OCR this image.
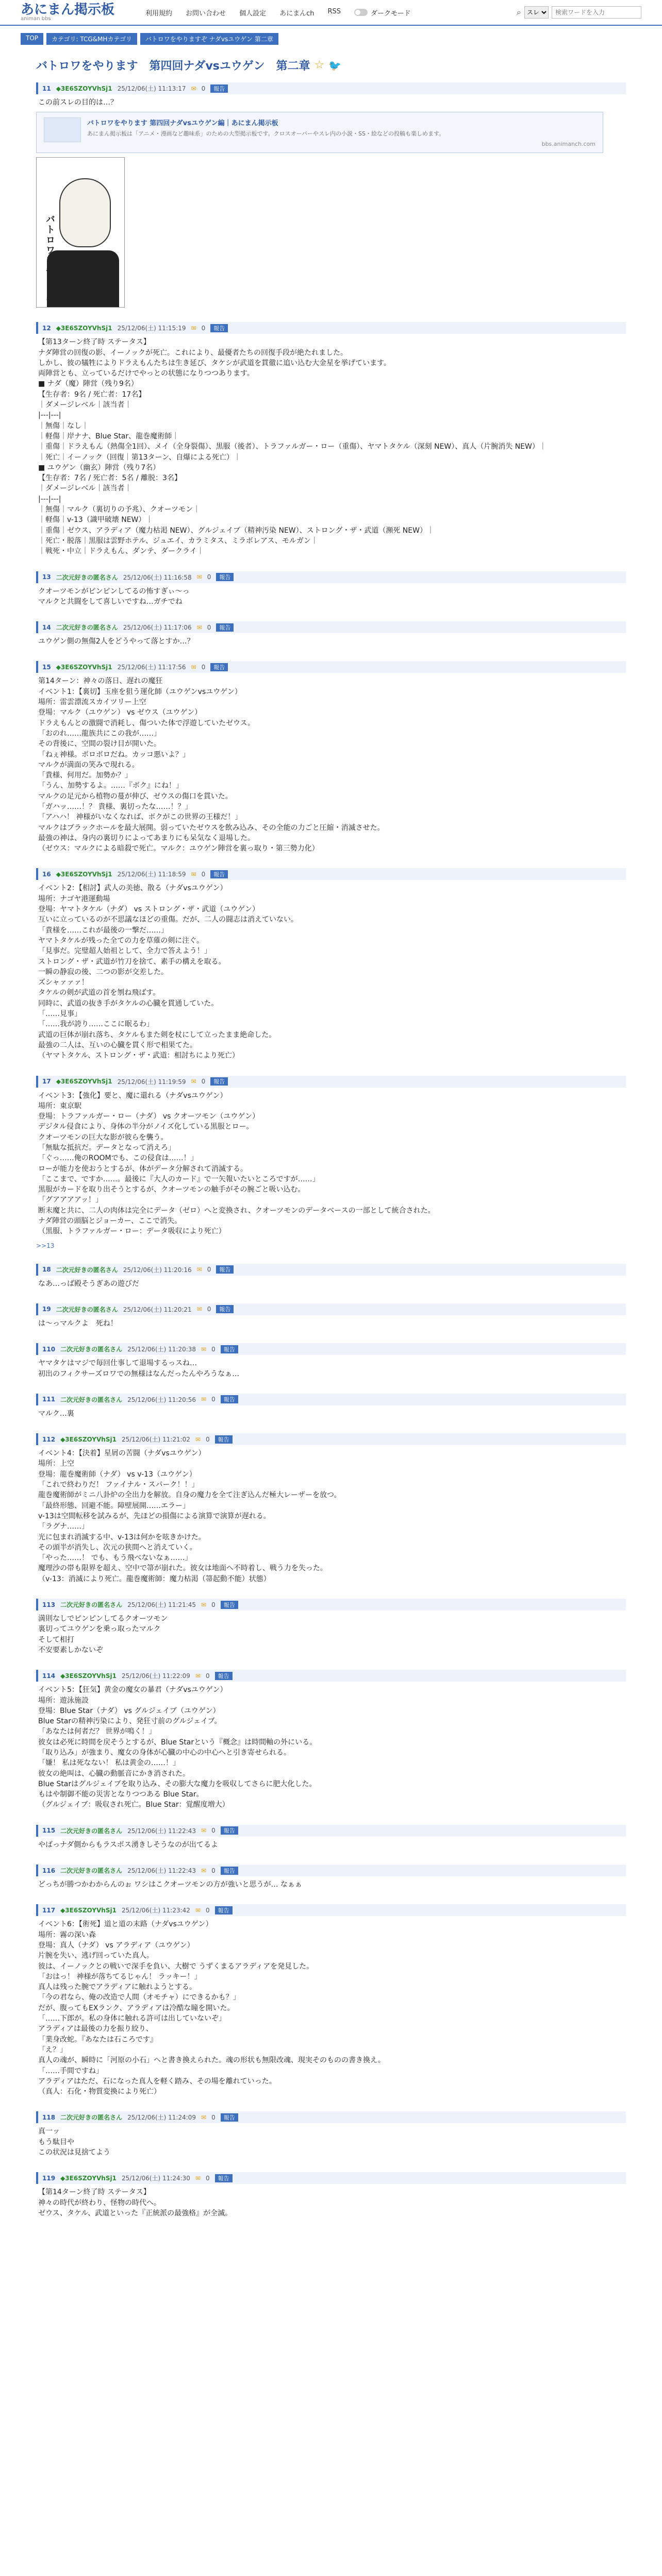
あにまん掲示板
animan bbs
利用規約 お問い合わせ 個人設定 あにまんch RSS	ダークモード	⌕
スレ
検索ワードを入力
TOP	カテゴリ: TCG&MHカテゴリ	バトロワをやりますぞ ナダvsユウゲン 第二章
バトロワをやります　第四回ナダvsユウゲン　第二章 ☆ 🐦
11 ◆3E6SZOYVhSj1 25/12/06(土) 11:13:17 ✉ 0	報告
この前スレの目的は…？
バトロワをやります 第四回ナダvsユウゲン編｜あにまん掲示板
あにまん掲示板は「アニメ・漫画など趣味系」のための大型掲示板です。クロスオーバーやスレ内の小説・SS・絵などの投稿も楽しめます。
bbs.animanch.com
バトロワをやります
12 ◆3E6SZOYVhSj1 25/12/06(土) 11:15:19 ✉ 0	報告
【第13ターン終了時 ステータス】
ナダ陣営の回復の影、イーノックが死亡。これにより、最優者たちの回復手段が絶たれました。
しかし、彼の犠牲によりドラえもんたちは生き延び、タケシが武道を貫徹に追い込む大金星を挙げています。
両陣営とも、立っているだけでやっとの状態になりつつあります。
■ ナダ（魔）陣営（残り9名）
【生存者：9名 / 死亡者：17名】
｜ダメージレベル｜該当者｜
|---|---|
｜無傷｜なし｜
｜軽傷｜岸ナナ、Blue Star、龍巻魔術師｜
｜重傷｜ドラえもん（熱傷全1回）、メイ（全身裂傷）、黒服（後者）、トラファルガー・ロー（重傷）、ヤマトタケル（深刻 NEW）、真人（片腕消失 NEW）｜
｜死亡｜イーノック（回復｜第13ターン、自爆による死亡）｜
■ ユウゲン（幽玄）陣営（残り7名）
【生存者：7名 / 死亡者：5名 / 離脱：3名】
｜ダメージレベル｜該当者｜
|---|---|
｜無傷｜マルク（裏切りの予兆）、クオーツモン｜
｜軽傷｜v-13（識甲破壊 NEW）｜
｜重傷｜ゼウス、アラディア（魔力枯渇 NEW）、グルジェイブ（精神汚染 NEW）、ストロング・ザ・武道（瀕死 NEW）｜
｜死亡・脱落｜黒服は雲野ホテル、ジュエイ、カラミタス、ミラボレアス、モルガン｜
｜戦死・中立｜ドラえもん、ダンテ、ダークライ｜
13 二次元好きの匿名さん 25/12/06(土) 11:16:58 ✉ 0	報告
クオーツモンがピンピンしてるの怖すぎぃ〜っ
マルクと共闘をして喜しいですね…ガチでね
14 二次元好きの匿名さん 25/12/06(土) 11:17:06 ✉ 0	報告
ユウゲン側の無傷2人をどうやって落とすか…？
15 ◆3E6SZOYVhSj1 25/12/06(土) 11:17:56 ✉ 0	報告
第14ターン：神々の落日、遅れの魔狂
イベント1：【裏切】玉座を狙う運化師（ユウゲンvsユウゲン）
場所：雷雲漂流スカイツリー上空
登場：マルク（ユウゲン） vs ゼウス（ユウゲン）
ドラえもんとの激闘で消耗し、傷ついた体で浮遊していたゼウス。
「おのれ……龍族共にこの我が……」
その背後に、空間の裂け目が開いた。
「ねぇ神様。ボロボロだね。カッコ悪いよ？」
マルクが満面の笑みで現れる。
「貴様、何用だ。加勢か？」
「うん、加勢するよ。……『ボク』にね！」
マルクの足元から植物の蔓が伸び、ゼウスの傷口を貫いた。
「ガハッ……！？ 貴様、裏切ったな……！？」
「アハハ！ 神様がいなくなれば、ボクがこの世界の王様だ！」
マルクはブラックホールを最大展開。弱っていたゼウスを飲み込み、その全能の力ごと圧縮・消滅させた。
最強の神は、身内の裏切りによってあまりにも呆気なく退場した。
（ゼウス：マルクによる暗殺で死亡。マルク：ユウゲン陣営を裏っ取り・第三勢力化）
16 ◆3E6SZOYVhSj1 25/12/06(土) 11:18:59 ✉ 0	報告
イベント2：【相討】武人の美徳、散る（ナダvsユウゲン）
場所：ナゴヤ港運動場
登場：ヤマトタケル（ナダ） vs ストロング・ザ・武道（ユウゲン）
互いに立っているのが不思議なほどの重傷。だが、二人の闘志は消えていない。
「貴様を……これが最後の一撃だ……」
ヤマトタケルが残った全ての力を草薙の剣に注ぐ。
「見事だ。完璧超人始祖として、全力で答えよう！」
ストロング・ザ・武道が竹刀を捨て、素手の構えを取る。
一瞬の静寂の後、二つの影が交差した。
ズシャァァァ！
タケルの剣が武道の首を刎ね飛ばす。
同時に、武道の抜き手がタケルの心臓を貫通していた。
「……見事」
「……我が誇り……ここに眠るわ」
武道の巨体が崩れ落ち、タケルもまた剣を杖にして立ったまま絶命した。
最強の二人は、互いの心臓を貫く形で相果てた。
（ヤマトタケル、ストロング・ザ・武道：相討ちにより死亡）
17 ◆3E6SZOYVhSj1 25/12/06(土) 11:19:59 ✉ 0	報告
イベント3：【強化】要と、魔に還れる（ナダvsユウゲン）
場所：東京駅
登場：トラファルガー・ロー（ナダ） vs クオーツモン（ユウゲン）
デジタル侵食により、身体の半分がノイズ化している黒服とロー。
クオーツモンの巨大な影が彼らを襲う。
「無駄な抵抗だ。データとなって消えろ」
「ぐっ……俺のROOMでも、この侵食は……！」
ローが能力を使おうとするが、体がデータ分解されて消滅する。
「ここまで、ですか……。最後に『大人のカード』で一矢報いたいところですが……」
黒服がカードを取り出そうとするが、クオーツモンの触手がその腕ごと吸い込む。
「グアアアアッ！」
断末魔と共に、二人の肉体は完全にデータ（ゼロ）へと変換され、クオーツモンのデータベースの一部として統合された。
ナダ陣営の頭脳とジョーカー、ここで消失。
（黒服、トラファルガー・ロー：データ吸収により死亡）
>>13
18 二次元好きの匿名さん 25/12/06(土) 11:20:16 ✉ 0	報告
なあ…っぱ殿そうぎあの遊びだ
19 二次元好きの匿名さん 25/12/06(土) 11:20:21 ✉ 0	報告
は〜っマルクよ　死ね！
110 二次元好きの匿名さん 25/12/06(土) 11:20:38 ✉ 0	報告
ヤマタケはマジで毎回仕事して退場するっスね…
初出のフィクサーズロワでの無様はなんだったんやろうなぁ…
111 二次元好きの匿名さん 25/12/06(土) 11:20:56 ✉ 0	報告
マルク…裏
112 ◆3E6SZOYVhSj1 25/12/06(土) 11:21:02 ✉ 0	報告
イベント4：【決着】星屑の苦闘（ナダvsユウゲン）
場所：上空
登場：龍巻魔術師（ナダ） vs v-13（ユウゲン）
「これで終わりだ！ ファイナル・スパーク！！」
龍巻魔術師がミニ八卦炉の全出力を解放。自身の魔力を全て注ぎ込んだ極大レーザーを放つ。
「最終形態、回避不能。障壁展開……エラー」
v-13は空間転移を試みるが、先ほどの損傷による演算で演算が遅れる。
「ラグナ……」
光に包まれ消滅する中、v-13は何かを呟きかけた。
その頭半が消失し、次元の狭間へと消えていく。
「やった……！ でも、もう飛べないなぁ……」
魔理沙の帯も限界を超え、空中で箒が崩れた。彼女は地面へ不時着し、戦う力を失った。
（v-13：消滅により死亡。龍巻魔術師：魔力枯渇（箒起動不能）状態）
113 二次元好きの匿名さん 25/12/06(土) 11:21:45 ✉ 0	報告
満則なしでピンピンしてるクオーツモン
裏切ってユウゲンを乗っ取ったマルク
そして相打
不安要素しかないぞ
114 ◆3E6SZOYVhSj1 25/12/06(土) 11:22:09 ✉ 0	報告
イベント5：【狂気】黄金の魔女の暴君（ナダvsユウゲン）
場所：遊泳施設
登場：Blue Star（ナダ） vs グルジェイブ（ユウゲン）
Blue Starの精神汚染により、発狂寸前のグルジェイブ。
「あなたは何者だ？ 世界が鳴く！」
彼女は必死に時間を戻そうとするが、Blue Starという『概念』は時間軸の外にいる。
「取り込み」が強まり、魔女の身体が心臓の中心の中心へと引き寄せられる。
「嫌！ 私は死なない！ 私は黄金の……！」
彼女の絶叫は、心臓の動脈音にかき消された。
Blue Starはグルジェイブを取り込み、その膨大な魔力を吸収してさらに肥大化した。
もはや制御不能の災害となりつつある Blue Star。
（グルジェイブ：吸収され死亡。Blue Star：覚醒度増大）
115 二次元好きの匿名さん 25/12/06(土) 11:22:43 ✉ 0	報告
やばっナダ側からもラスボス湧きしそうなのが出てるよ
116 二次元好きの匿名さん 25/12/06(土) 11:22:43 ✉ 0	報告
どっちが勝つかわからんのぉ ワシはこクオーツモンの方が強いと思うが… なぁぁ
117 ◆3E6SZOYVhSj1 25/12/06(土) 11:23:42 ✉ 0	報告
イベント6：【術死】道と道の末路（ナダvsユウゲン）
場所：霧の深い森
登場：真人（ナダ） vs アラディア（ユウゲン）
片腕を失い、逃げ回っていた真人。
彼は、イーノックとの戦いで深手を負い、大樹で うずくまるアラディアを発見した。
「おはっ！ 神様が落ちてるじゃん！ ラッキー！」
真人は残った腕でアラディアに触れようとする。
「今の君なら、俺の改造で人間（オモチャ）にできるかも？」
だが、腹ってもEXランク、アラディアは冷酷な瞳を開いた。
「……下郎が。私の身体に触れる許可は出していないぞ」
アラディアは最後の力を振り絞り、
「業身改蛇。『あなたは石ころです』
「え？」
真人の魂が、瞬時に「河原の小石」へと書き換えられた。魂の形状も無限改魂、現実そのものの書き換え。
「……手間ですね」
アラディアはただ、石になった真人を軽く踏み、その場を離れていった。
（真人：石化・物質変換により死亡）
118 二次元好きの匿名さん 25/12/06(土) 11:24:09 ✉ 0	報告
真一ッ
もう駄目や
この状況は見捨てよう
119 ◆3E6SZOYVhSj1 25/12/06(土) 11:24:30 ✉ 0	報告
【第14ターン終了時 ステータス】
神々の時代が終わり、怪物の時代へ。
ゼウス、タケル、武道といった『正統派の最強格』が全滅。
